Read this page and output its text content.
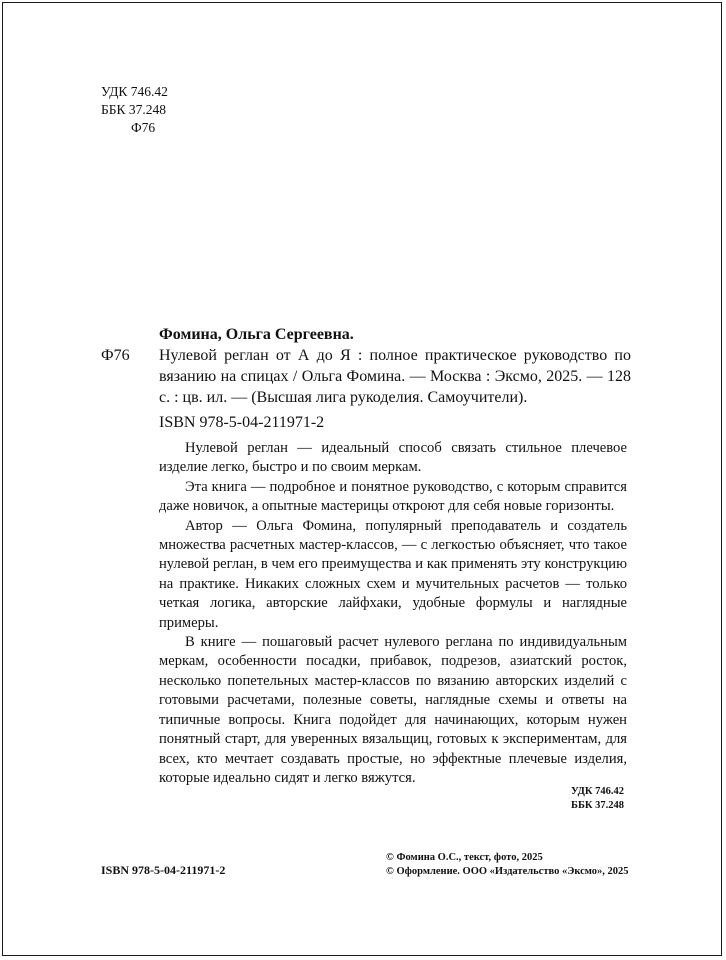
УДК 746.42
ББК 37.248
Ф76
Фомина, Ольга Сергеевна.
Ф76	Нулевой реглан от А до Я : полное практическое руководство по вязанию на спицах / Ольга Фомина. — Москва : Эксмо, 2025. — 128 с. : цв. ил. — (Высшая лига рукоделия. Самоучители).
ISBN 978-5-04-211971-2

Нулевой реглан — идеальный способ связать стильное плечевое изделие легко, быстро и по своим меркам.

Эта книга — подробное и понятное руководство, с которым справится даже новичок, а опытные мастерицы откроют для себя новые горизонты.

Автор — Ольга Фомина, популярный преподаватель и создатель множества расчетных мастер-классов, — с легкостью объясняет, что такое нулевой реглан, в чем его преимущества и как применять эту конструкцию на практике. Никаких сложных схем и мучительных расчетов — только четкая логика, авторские лайфхаки, удобные формулы и наглядные примеры.

В книге — пошаговый расчет нулевого реглана по индивидуальным меркам, особенности посадки, прибавок, подрезов, азиатский росток, несколько попетельных мастер-классов по вязанию авторских изделий с готовыми расчетами, полезные советы, наглядные схемы и ответы на типичные вопросы. Книга подойдет для начинающих, которым нужен понятный старт, для уверенных вязальщиц, готовых к экспериментам, для всех, кто мечтает создавать простые, но эффектные плечевые изделия, которые идеально сидят и легко вяжутся.

УДК 746.42
ББК 37.248
ISBN 978-5-04-211971-2
© Фомина О.С., текст, фото, 2025
© Оформление. ООО «Издательство «Эксмо», 2025
